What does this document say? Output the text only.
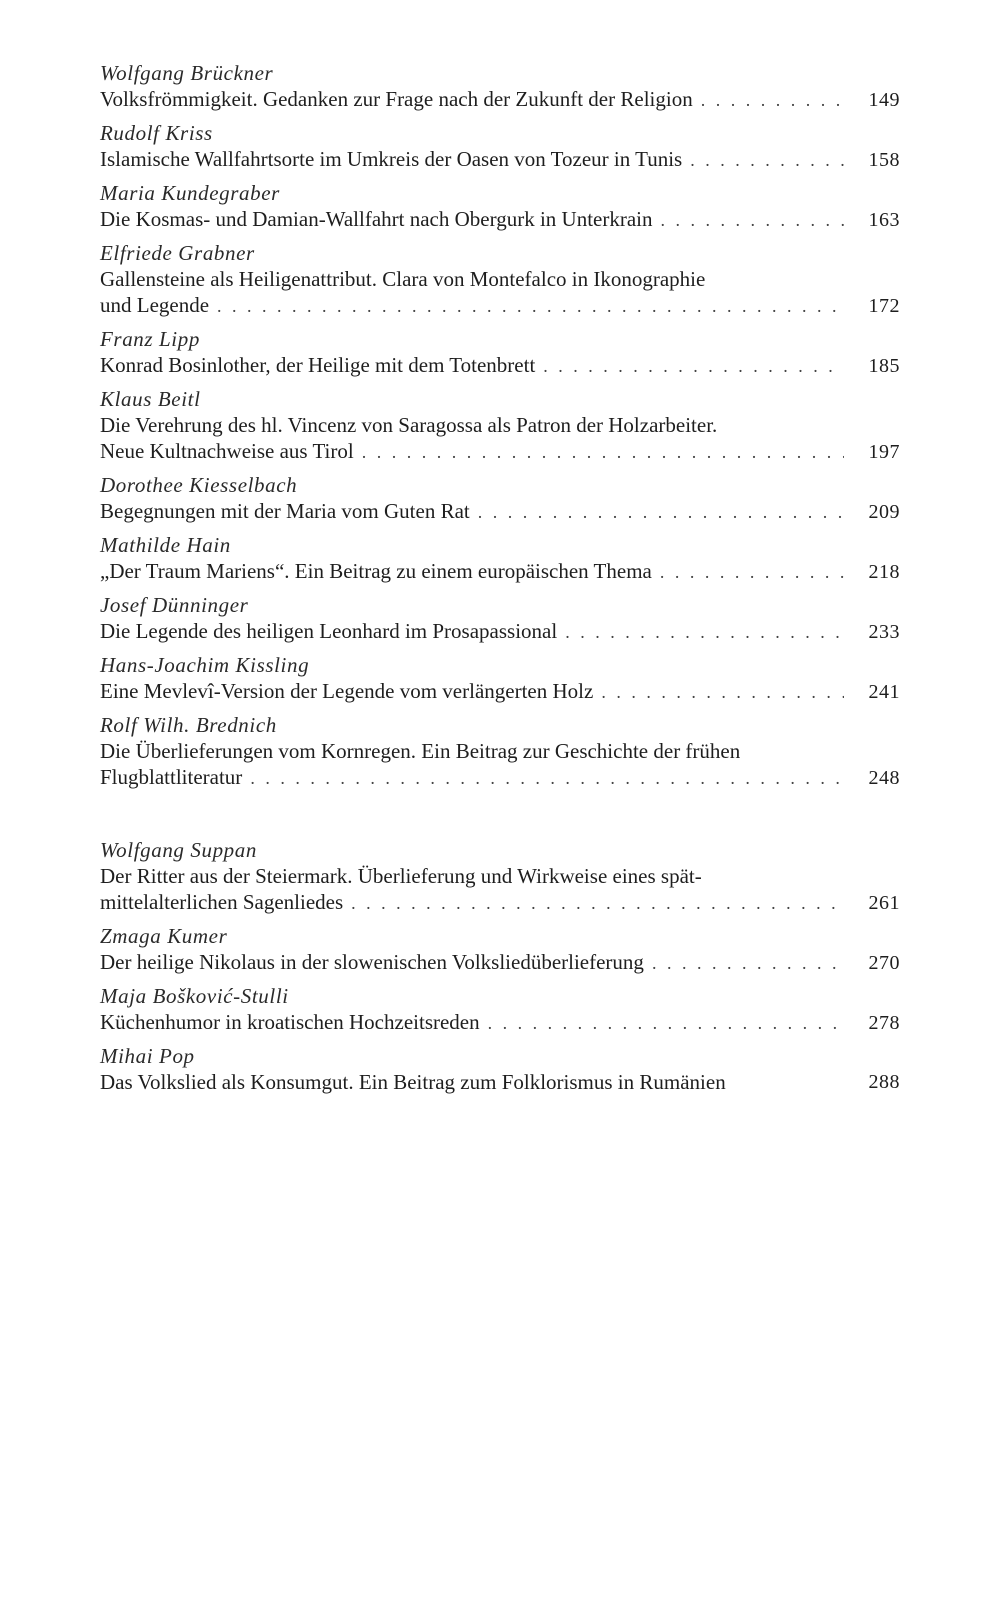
Wolfgang Brückner
Volksfrömmigkeit. Gedanken zur Frage nach der Zukunft der Religion . . .	149
Rudolf Kriss
Islamische Wallfahrtsorte im Umkreis der Oasen von Tozeur in Tunis . . .	158
Maria Kundegraber
Die Kosmas- und Damian-Wallfahrt nach Obergurk in Unterkrain . . .	163
Elfriede Grabner
Gallensteine als Heiligenattribut. Clara von Montefalco in Ikonographie
und Legende . . .	172
Franz Lipp
Konrad Bosinlother, der Heilige mit dem Totenbrett . . .	185
Klaus Beitl
Die Verehrung des hl. Vincenz von Saragossa als Patron der Holzarbeiter.
Neue Kultnachweise aus Tirol . . .	197
Dorothee Kiesselbach
Begegnungen mit der Maria vom Guten Rat . . .	209
Mathilde Hain
„Der Traum Mariens“. Ein Beitrag zu einem europäischen Thema . . .	218
Josef Dünninger
Die Legende des heiligen Leonhard im Prosapassional . . .	233
Hans-Joachim Kissling
Eine Mevlevî-Version der Legende vom verlängerten Holz . . .	241
Rolf Wilh. Brednich
Die Überlieferungen vom Kornregen. Ein Beitrag zur Geschichte der frühen
Flugblattliteratur . . .	248
Wolfgang Suppan
Der Ritter aus der Steiermark. Überlieferung und Wirkweise eines spät-
mittelalterlichen Sagenliedes . . .	261
Zmaga Kumer
Der heilige Nikolaus in der slowenischen Volksliedüberlieferung . . .	270
Maja Bošković-Stulli
Küchenhumor in kroatischen Hochzeitsreden . . .	278
Mihai Pop
Das Volkslied als Konsumgut. Ein Beitrag zum Folklorismus in Rumänien	288
